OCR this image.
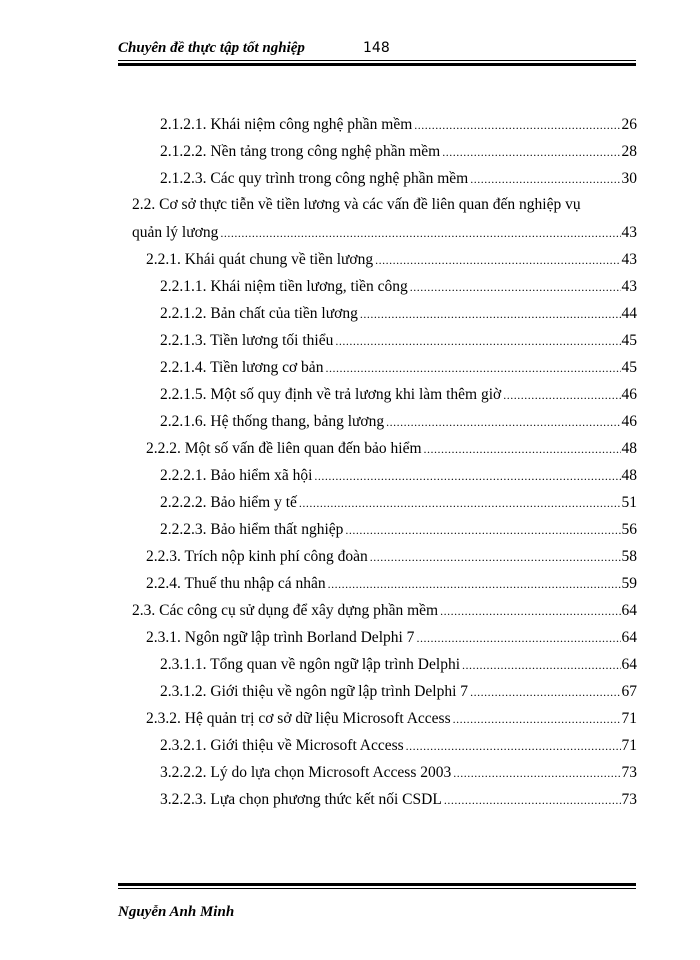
Chuyên đề thực tập tốt nghiệp	148
2.1.2.1. Khái niệm công nghệ phần mềm .....	26
2.1.2.2. Nền tảng trong công nghệ phần mềm .....	28
2.1.2.3. Các quy trình trong công nghệ phần mềm .....	30
2.2. Cơ sở thực tiễn về tiền lương và các vấn đề liên quan đến nghiệp vụ
quản lý lương .....	43
2.2.1. Khái quát chung về tiền lương .....	43
2.2.1.1. Khái niệm tiền lương, tiền công .....	43
2.2.1.2. Bản chất của tiền lương .....	44
2.2.1.3. Tiền lương tối thiểu .....	45
2.2.1.4. Tiền lương cơ bản .....	45
2.2.1.5. Một số quy định về trả lương khi làm thêm giờ .....	46
2.2.1.6. Hệ thống thang, bảng lương .....	46
2.2.2. Một số vấn đề liên quan đến bảo hiểm .....	48
2.2.2.1. Bảo hiểm xã hội .....	48
2.2.2.2. Bảo hiểm y tế .....	51
2.2.2.3. Bảo hiểm thất nghiệp .....	56
2.2.3. Trích nộp kinh phí công đoàn .....	58
2.2.4. Thuế thu nhập cá nhân .....	59
2.3. Các công cụ sử dụng để xây dựng phần mềm .....	64
2.3.1. Ngôn ngữ lập trình Borland Delphi 7 .....	64
2.3.1.1. Tổng quan về ngôn ngữ lập trình Delphi .....	64
2.3.1.2. Giới thiệu về ngôn ngữ lập trình Delphi 7 .....	67
2.3.2. Hệ quản trị cơ sở dữ liệu Microsoft Access .....	71
2.3.2.1. Giới thiệu về Microsoft Access .....	71
3.2.2.2. Lý do lựa chọn Microsoft Access 2003 .....	73
3.2.2.3. Lựa chọn phương thức kết nối CSDL .....	73
Nguyễn Anh Minh
